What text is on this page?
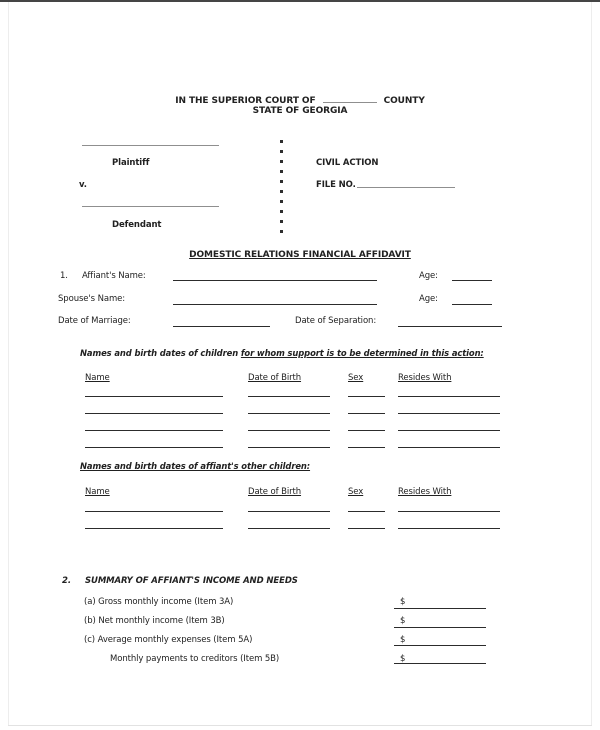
IN THE SUPERIOR COURT OF	COUNTY
STATE OF GEORGIA
Plaintiff
v.
Defendant
CIVIL ACTION
FILE NO.
DOMESTIC RELATIONS FINANCIAL AFFIDAVIT
1. Affiant's Name:	Age:
Spouse's Name:	Age:
Date of Marriage:	Date of Separation:
Names and birth dates of children for whom support is to be determined in this action:
Name	Date of Birth	Sex	Resides With
Names and birth dates of affiant's other children:
Name	Date of Birth	Sex	Resides With
2. SUMMARY OF AFFIANT'S INCOME AND NEEDS
(a) Gross monthly income (Item 3A)	$
(b) Net monthly income (Item 3B)	$
(c) Average monthly expenses (Item 5A)	$
Monthly payments to creditors (Item 5B)	$
